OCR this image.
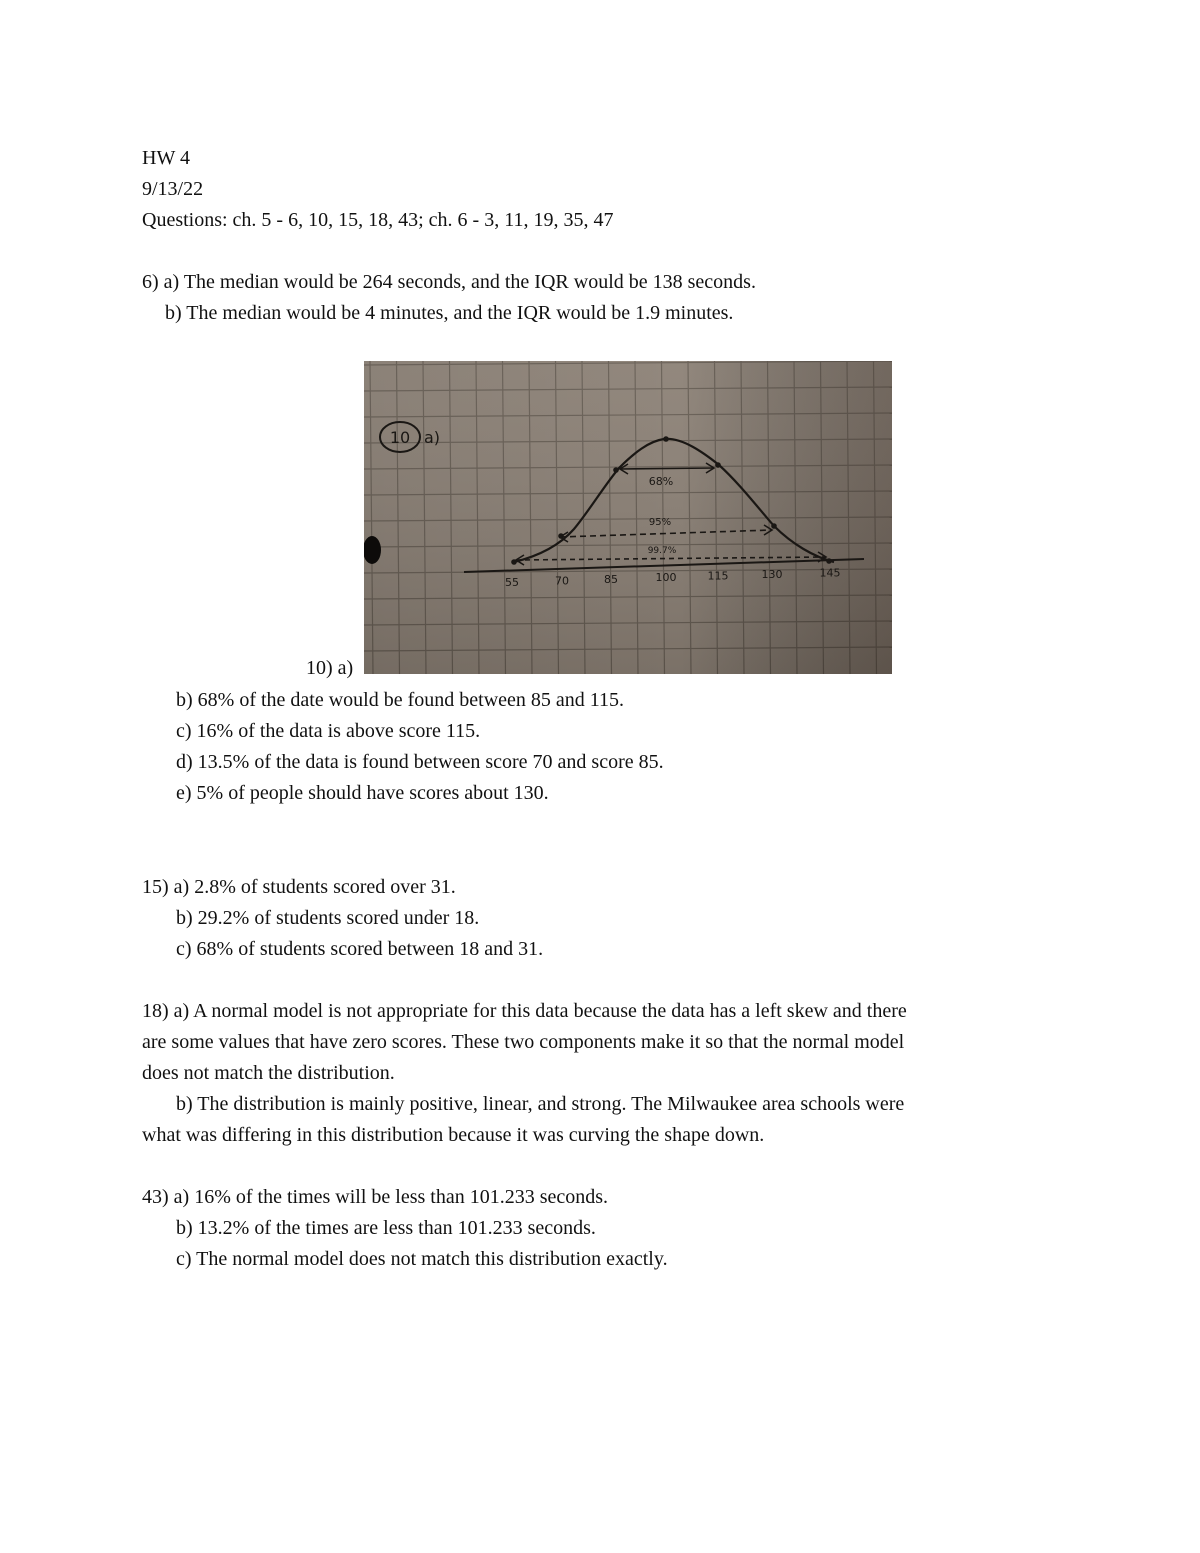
HW 4
9/13/22
Questions: ch. 5 - 6, 10, 15, 18, 43; ch. 6 - 3, 11, 19, 35, 47
6) a) The median would be 264 seconds, and the IQR would be 138 seconds.
b) The median would be 4 minutes, and the IQR would be 1.9 minutes.
10) a)
10 a)
68%
95%
99.7%
55	70	85	100	115	130	145
b) 68% of the date would be found between 85 and 115.
c) 16% of the data is above score 115.
d) 13.5% of the data is found between score 70 and score 85.
e) 5% of people should have scores about 130.
15) a) 2.8% of students scored over 31.
b) 29.2% of students scored under 18.
c) 68% of students scored between 18 and 31.
18) a) A normal model is not appropriate for this data because the data has a left skew and there
are some values that have zero scores. These two components make it so that the normal model
does not match the distribution.
b) The distribution is mainly positive, linear, and strong. The Milwaukee area schools were
what was differing in this distribution because it was curving the shape down.
43) a) 16% of the times will be less than 101.233 seconds.
b) 13.2% of the times are less than 101.233 seconds.
c) The normal model does not match this distribution exactly.
